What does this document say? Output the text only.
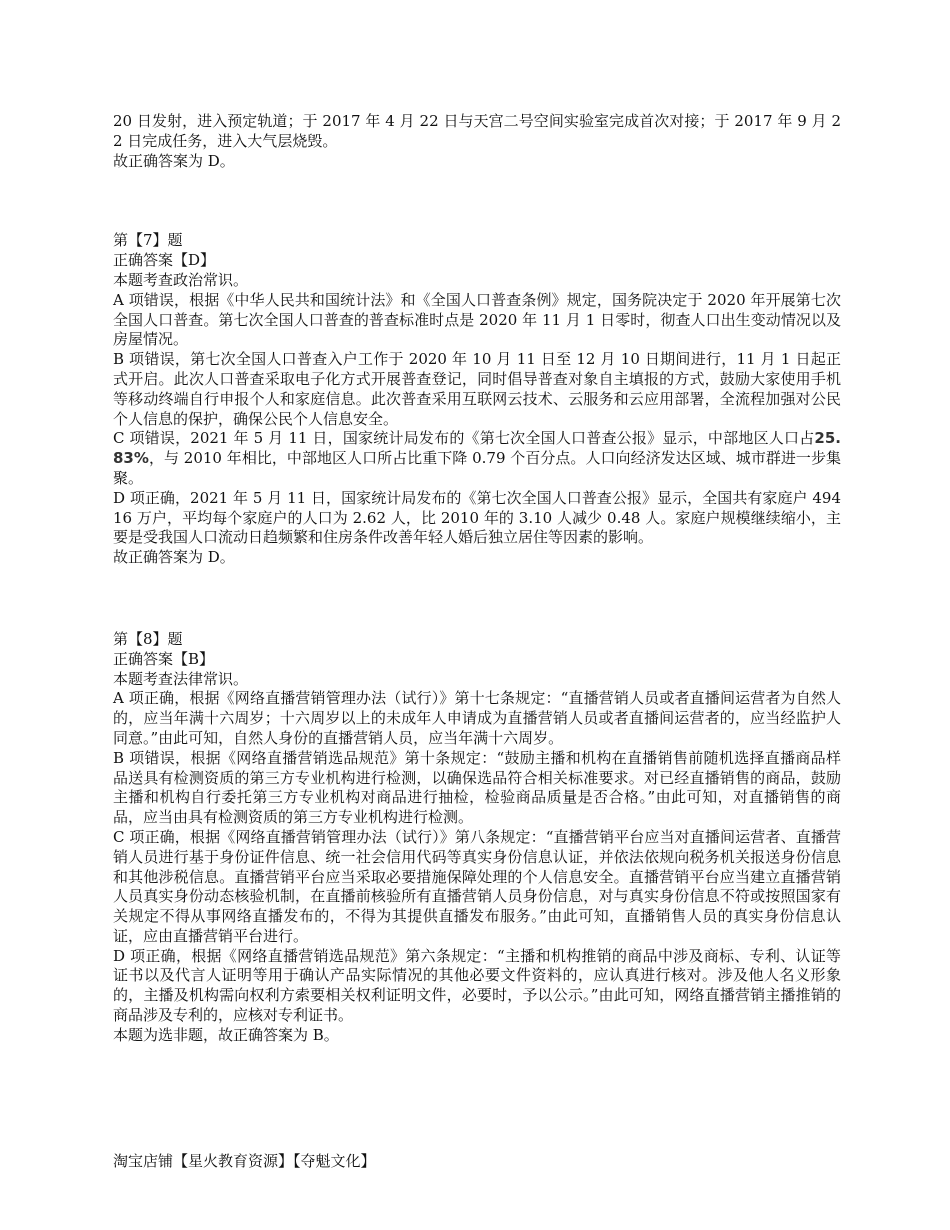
20 日发射，进入预定轨道；于 2017 年 4 月 22 日与天宫二号空间实验室完成首次对接；于 2017 年 9 月 22 日完成任务，进入大气层烧毁。

故正确答案为 D。

第【7】题

正确答案【D】

本题考查政治常识。

A 项错误，根据《中华人民共和国统计法》和《全国人口普查条例》规定，国务院决定于 2020 年开展第七次全国人口普查。第七次全国人口普查的普查标准时点是 2020 年 11 月 1 日零时，彻查人口出生变动情况以及房屋情况。

B 项错误，第七次全国人口普查入户工作于 2020 年 10 月 11 日至 12 月 10 日期间进行，11 月 1 日起正式开启。此次人口普查采取电子化方式开展普查登记，同时倡导普查对象自主填报的方式，鼓励大家使用手机等移动终端自行申报个人和家庭信息。此次普查采用互联网云技术、云服务和云应用部署，全流程加强对公民个人信息的保护，确保公民个人信息安全。

C 项错误，2021 年 5 月 11 日，国家统计局发布的《第七次全国人口普查公报》显示，中部地区人口占25.83%，与 2010 年相比，中部地区人口所占比重下降 0.79 个百分点。人口向经济发达区域、城市群进一步集聚。

D 项正确，2021 年 5 月 11 日，国家统计局发布的《第七次全国人口普查公报》显示，全国共有家庭户 49416 万户，平均每个家庭户的人口为 2.62 人，比 2010 年的 3.10 人减少 0.48 人。家庭户规模继续缩小，主要是受我国人口流动日趋频繁和住房条件改善年轻人婚后独立居住等因素的影响。

故正确答案为 D。

第【8】题

正确答案【B】

本题考查法律常识。

A 项正确，根据《网络直播营销管理办法（试行）》第十七条规定：“直播营销人员或者直播间运营者为自然人的，应当年满十六周岁；十六周岁以上的未成年人申请成为直播营销人员或者直播间运营者的，应当经监护人同意。”由此可知，自然人身份的直播营销人员，应当年满十六周岁。

B 项错误，根据《网络直播营销选品规范》第十条规定：“鼓励主播和机构在直播销售前随机选择直播商品样品送具有检测资质的第三方专业机构进行检测，以确保选品符合相关标准要求。对已经直播销售的商品，鼓励主播和机构自行委托第三方专业机构对商品进行抽检，检验商品质量是否合格。”由此可知，对直播销售的商品，应当由具有检测资质的第三方专业机构进行检测。

C 项正确，根据《网络直播营销管理办法（试行）》第八条规定：“直播营销平台应当对直播间运营者、直播营销人员进行基于身份证件信息、统一社会信用代码等真实身份信息认证，并依法依规向税务机关报送身份信息和其他涉税信息。直播营销平台应当采取必要措施保障处理的个人信息安全。直播营销平台应当建立直播营销人员真实身份动态核验机制，在直播前核验所有直播营销人员身份信息，对与真实身份信息不符或按照国家有关规定不得从事网络直播发布的，不得为其提供直播发布服务。”由此可知，直播销售人员的真实身份信息认证，应由直播营销平台进行。

D 项正确，根据《网络直播营销选品规范》第六条规定：“主播和机构推销的商品中涉及商标、专利、认证等证书以及代言人证明等用于确认产品实际情况的其他必要文件资料的，应认真进行核对。涉及他人名义形象的，主播及机构需向权利方索要相关权利证明文件，必要时，予以公示。”由此可知，网络直播营销主播推销的商品涉及专利的，应核对专利证书。

本题为选非题，故正确答案为 B。

淘宝店铺【星火教育资源】【夺魁文化】
